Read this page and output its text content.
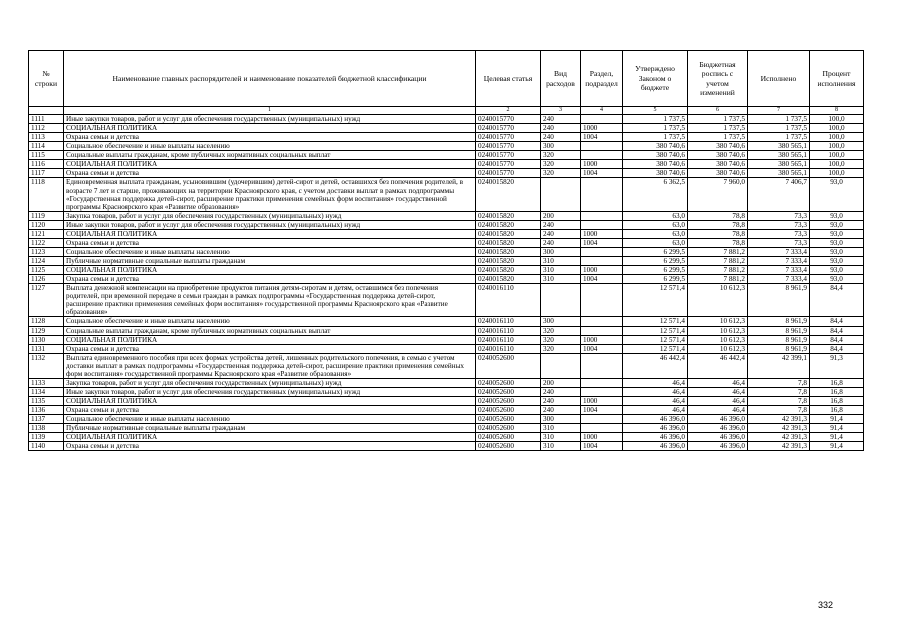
№ строки	Наименование главных распорядителей и наименование показателей бюджетной классификации	Целевая статья	Вид расходов	Раздел, подраздел	Утверждено Законом о бюджете	Бюджетная роспись с учетом изменений	Исполнено	Процент исполнения
	1	2	3	4	5	6	7	8
1111	Иные закупки товаров, работ и услуг для обеспечения государственных (муниципальных) нужд	0240015770	240		1 737,5	1 737,5	1 737,5	100,0
1112	СОЦИАЛЬНАЯ ПОЛИТИКА	0240015770	240	1000	1 737,5	1 737,5	1 737,5	100,0
1113	Охрана семьи и детства	0240015770	240	1004	1 737,5	1 737,5	1 737,5	100,0
1114	Социальное обеспечение и иные выплаты населению	0240015770	300		380 740,6	380 740,6	380 565,1	100,0
1115	Социальные выплаты гражданам, кроме публичных нормативных социальных выплат	0240015770	320		380 740,6	380 740,6	380 565,1	100,0
1116	СОЦИАЛЬНАЯ ПОЛИТИКА	0240015770	320	1000	380 740,6	380 740,6	380 565,1	100,0
1117	Охрана семьи и детства	0240015770	320	1004	380 740,6	380 740,6	380 565,1	100,0
1118	Единовременная выплата гражданам, усыновившим (удочерившим) детей-сирот и детей, оставшихся без попечения родителей, в возрасте 7 лет и старше, проживающих на территории Красноярского края, с учетом доставки выплат в рамках подпрограммы «Государственная поддержка детей-сирот, расширение практики применения семейных форм воспитания» государственной программы Красноярского края «Развитие образования»	0240015820			6 362,5	7 960,0	7 406,7	93,0
1119	Закупка товаров, работ и услуг для обеспечения государственных (муниципальных) нужд	0240015820	200		63,0	78,8	73,3	93,0
1120	Иные закупки товаров, работ и услуг для обеспечения государственных (муниципальных) нужд	0240015820	240		63,0	78,8	73,3	93,0
1121	СОЦИАЛЬНАЯ ПОЛИТИКА	0240015820	240	1000	63,0	78,8	73,3	93,0
1122	Охрана семьи и детства	0240015820	240	1004	63,0	78,8	73,3	93,0
1123	Социальное обеспечение и иные выплаты населению	0240015820	300		6 299,5	7 881,2	7 333,4	93,0
1124	Публичные нормативные социальные выплаты гражданам	0240015820	310		6 299,5	7 881,2	7 333,4	93,0
1125	СОЦИАЛЬНАЯ ПОЛИТИКА	0240015820	310	1000	6 299,5	7 881,2	7 333,4	93,0
1126	Охрана семьи и детства	0240015820	310	1004	6 299,5	7 881,2	7 333,4	93,0
1127	Выплата денежной компенсации на приобретение продуктов питания детям-сиротам и детям, оставшимся без попечения родителей, при временной передаче в семьи граждан в рамках подпрограммы «Государственная поддержка детей-сирот, расширение практики применения семейных форм воспитания» государственной программы Красноярского края «Развитие образования»	0240016110			12 571,4	10 612,3	8 961,9	84,4
1128	Социальное обеспечение и иные выплаты населению	0240016110	300		12 571,4	10 612,3	8 961,9	84,4
1129	Социальные выплаты гражданам, кроме публичных нормативных социальных выплат	0240016110	320		12 571,4	10 612,3	8 961,9	84,4
1130	СОЦИАЛЬНАЯ ПОЛИТИКА	0240016110	320	1000	12 571,4	10 612,3	8 961,9	84,4
1131	Охрана семьи и детства	0240016110	320	1004	12 571,4	10 612,3	8 961,9	84,4
1132	Выплата единовременного пособия при всех формах устройства детей, лишенных родительского попечения, в семью с учетом доставки выплат в рамках подпрограммы «Государственная поддержка детей-сирот, расширение практики применения семейных форм воспитания» государственной программы Красноярского края «Развитие образования»	0240052600			46 442,4	46 442,4	42 399,1	91,3
1133	Закупка товаров, работ и услуг для обеспечения государственных (муниципальных) нужд	0240052600	200		46,4	46,4	7,8	16,8
1134	Иные закупки товаров, работ и услуг для обеспечения государственных (муниципальных) нужд	0240052600	240		46,4	46,4	7,8	16,8
1135	СОЦИАЛЬНАЯ ПОЛИТИКА	0240052600	240	1000	46,4	46,4	7,8	16,8
1136	Охрана семьи и детства	0240052600	240	1004	46,4	46,4	7,8	16,8
1137	Социальное обеспечение и иные выплаты населению	0240052600	300		46 396,0	46 396,0	42 391,3	91,4
1138	Публичные нормативные социальные выплаты гражданам	0240052600	310		46 396,0	46 396,0	42 391,3	91,4
1139	СОЦИАЛЬНАЯ ПОЛИТИКА	0240052600	310	1000	46 396,0	46 396,0	42 391,3	91,4
1140	Охрана семьи и детства	0240052600	310	1004	46 396,0	46 396,0	42 391,3	91,4
332
